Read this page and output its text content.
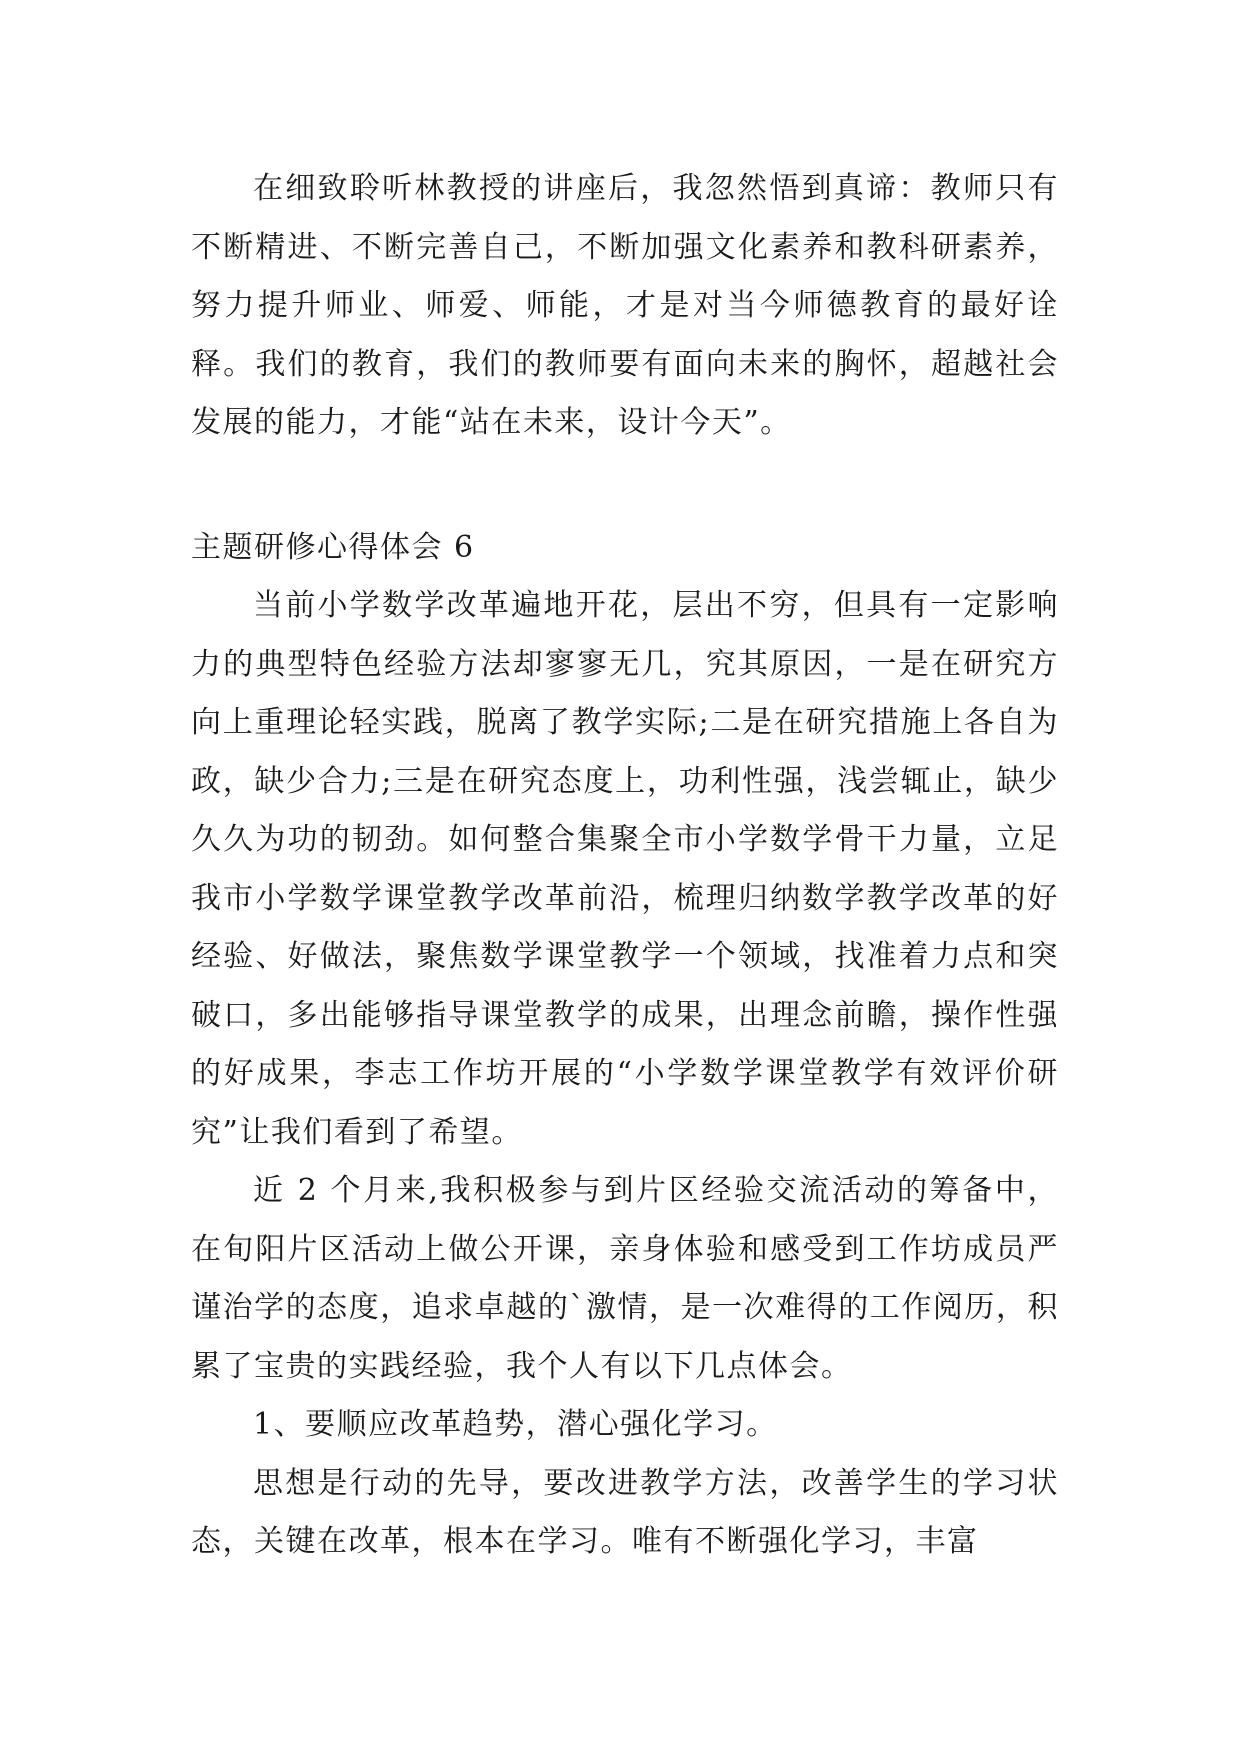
在细致聆听林教授的讲座后，我忽然悟到真谛：教师只有不断精进、不断完善自己，不断加强文化素养和教科研素养，努力提升师业、师爱、师能，才是对当今师德教育的最好诠释。我们的教育，我们的教师要有面向未来的胸怀，超越社会发展的能力，才能“站在未来，设计今天”。

主题研修心得体会 6

当前小学数学改革遍地开花，层出不穷，但具有一定影响力的典型特色经验方法却寥寥无几，究其原因，一是在研究方向上重理论轻实践，脱离了教学实际;二是在研究措施上各自为政，缺少合力;三是在研究态度上，功利性强，浅尝辄止，缺少久久为功的韧劲。如何整合集聚全市小学数学骨干力量，立足我市小学数学课堂教学改革前沿，梳理归纳数学教学改革的好经验、好做法，聚焦数学课堂教学一个领域，找准着力点和突破口，多出能够指导课堂教学的成果，出理念前瞻，操作性强的好成果，李志工作坊开展的“小学数学课堂教学有效评价研究”让我们看到了希望。

近 2 个月来,我积极参与到片区经验交流活动的筹备中，在旬阳片区活动上做公开课，亲身体验和感受到工作坊成员严谨治学的态度，追求卓越的`激情，是一次难得的工作阅历，积累了宝贵的实践经验，我个人有以下几点体会。

1、要顺应改革趋势，潜心强化学习。

思想是行动的先导，要改进教学方法，改善学生的学习状态，关键在改革，根本在学习。唯有不断强化学习，丰富
